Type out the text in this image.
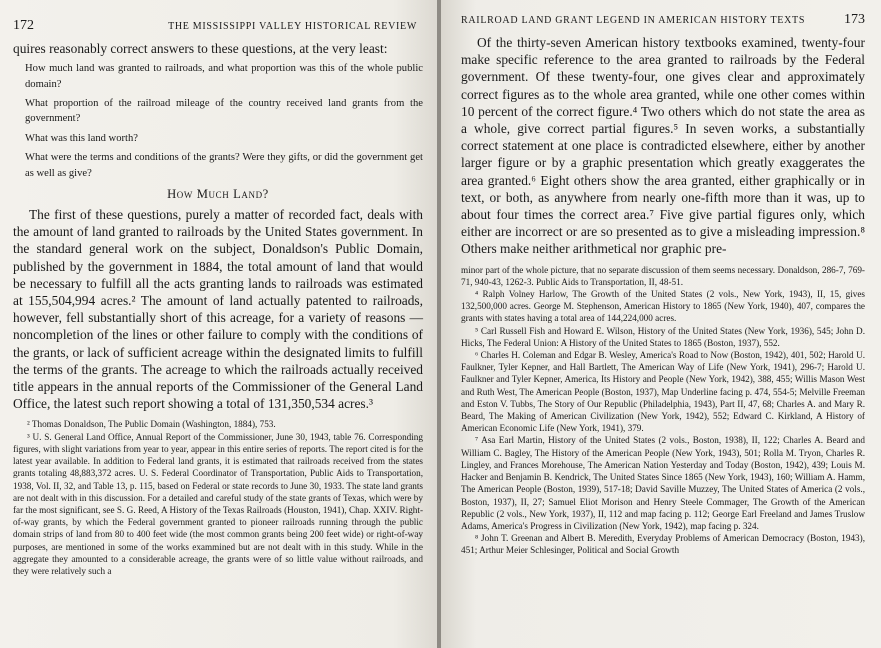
172	THE MISSISSIPPI VALLEY HISTORICAL REVIEW

quires reasonably correct answers to these questions, at the very least:

How much land was granted to railroads, and what proportion was this of the whole public domain?
What proportion of the railroad mileage of the country received land grants from the government?
What was this land worth?
What were the terms and conditions of the grants? Were they gifts, or did the government get as well as give?
How Much Land?

The first of these questions, purely a matter of recorded fact, deals with the amount of land granted to railroads by the United States government. In the standard general work on the subject, Donaldson's Public Domain, published by the government in 1884, the total amount of land that would be necessary to fulfill all the acts granting lands to railroads was estimated at 155,504,994 acres.² The amount of land actually patented to railroads, however, fell substantially short of this acreage, for a variety of reasons — noncompletion of the lines or other failure to comply with the conditions of the grants, or lack of sufficient acreage within the designated limits to fulfill the terms of the grants. The acreage to which the railroads actually received title appears in the annual reports of the Commissioner of the General Land Office, the latest such report showing a total of 131,350,534 acres.³

² Thomas Donaldson, The Public Domain (Washington, 1884), 753.

³ U. S. General Land Office, Annual Report of the Commissioner, June 30, 1943, table 76. Corresponding figures, with slight variations from year to year, appear in this entire series of reports. The report cited is for the latest year available. In addition to Federal land grants, it is estimated that railroads received from the states grants totaling 48,883,372 acres. U. S. Federal Coordinator of Transportation, Public Aids to Transportation, 1938, Vol. II, 32, and Table 13, p. 115, based on Federal or state records to June 30, 1933. The state land grants are not dealt with in this discussion. For a detailed and careful study of the state grants of Texas, which were by far the most significant, see S. G. Reed, A History of the Texas Railroads (Houston, 1941), Chap. XXIV. Right-of-way grants, by which the Federal government granted to pioneer railroads running through the public domain strips of land from 80 to 400 feet wide (the most common grants being 200 feet wide) or right-of-way purposes, are mentioned in some of the works exammined but are not dealt with in this study. While in the aggregate they amounted to a considerable acreage, the grants were of so little value without railroads, and they were relatively such a

RAILROAD LAND GRANT LEGEND IN AMERICAN HISTORY TEXTS	173

Of the thirty-seven American history textbooks examined, twenty-four make specific reference to the area granted to railroads by the Federal government. Of these twenty-four, one gives clear and approximately correct figures as to the whole area granted, while one other comes within 10 percent of the correct figure.⁴ Two others which do not state the area as a whole, give correct partial figures.⁵ In seven works, a substantially correct statement at one place is contradicted elsewhere, either by another larger figure or by a graphic presentation which greatly exaggerates the area granted.⁶ Eight others show the area granted, either graphically or in text, or both, as anywhere from nearly one-fifth more than it was, up to about four times the correct area.⁷ Five give partial figures only, which either are incorrect or are so presented as to give a misleading impression.⁸ Others make neither arithmetical nor graphic pre-

minor part of the whole picture, that no separate discussion of them seems necessary. Donaldson, 286-7, 769-71, 940-43, 1262-3. Public Aids to Transportation, II, 48-51.

⁴ Ralph Volney Harlow, The Growth of the United States (2 vols., New York, 1943), II, 15, gives 132,500,000 acres. George M. Stephenson, American History to 1865 (New York, 1940), 407, compares the grants with states having a total area of 144,224,000 acres.

⁵ Carl Russell Fish and Howard E. Wilson, History of the United States (New York, 1936), 545; John D. Hicks, The Federal Union: A History of the United States to 1865 (Boston, 1937), 552.

⁶ Charles H. Coleman and Edgar B. Wesley, America's Road to Now (Boston, 1942), 401, 502; Harold U. Faulkner, Tyler Kepner, and Hall Bartlett, The American Way of Life (New York, 1941), 296-7; Harold U. Faulkner and Tyler Kepner, America, Its History and People (New York, 1942), 388, 455; Willis Mason West and Ruth West, The American People (Boston, 1937), Map Underline facing p. 474, 554-5; Melville Freeman and Eston V. Tubbs, The Story of Our Republic (Philadelphia, 1943), Part II, 47, 68; Charles A. and Mary R. Beard, The Making of American Civilization (New York, 1942), 552; Edward C. Kirkland, A History of American Economic Life (New York, 1941), 379.

⁷ Asa Earl Martin, History of the United States (2 vols., Boston, 1938), II, 122; Charles A. Beard and William C. Bagley, The History of the American People (New York, 1943), 501; Rolla M. Tryon, Charles R. Lingley, and Frances Morehouse, The American Nation Yesterday and Today (Boston, 1942), 439; Louis M. Hacker and Benjamin B. Kendrick, The United States Since 1865 (New York, 1943), 160; William A. Hamm, The American People (Boston, 1939), 517-18; David Saville Muzzey, The United States of America (2 vols., Boston, 1937), II, 27; Samuel Eliot Morison and Henry Steele Commager, The Growth of the American Republic (2 vols., New York, 1937), II, 112 and map facing p. 112; George Earl Freeland and James Truslow Adams, America's Progress in Civilization (New York, 1942), map facing p. 324.

⁸ John T. Greenan and Albert B. Meredith, Everyday Problems of American Democracy (Boston, 1943), 451; Arthur Meier Schlesinger, Political and Social Growth
